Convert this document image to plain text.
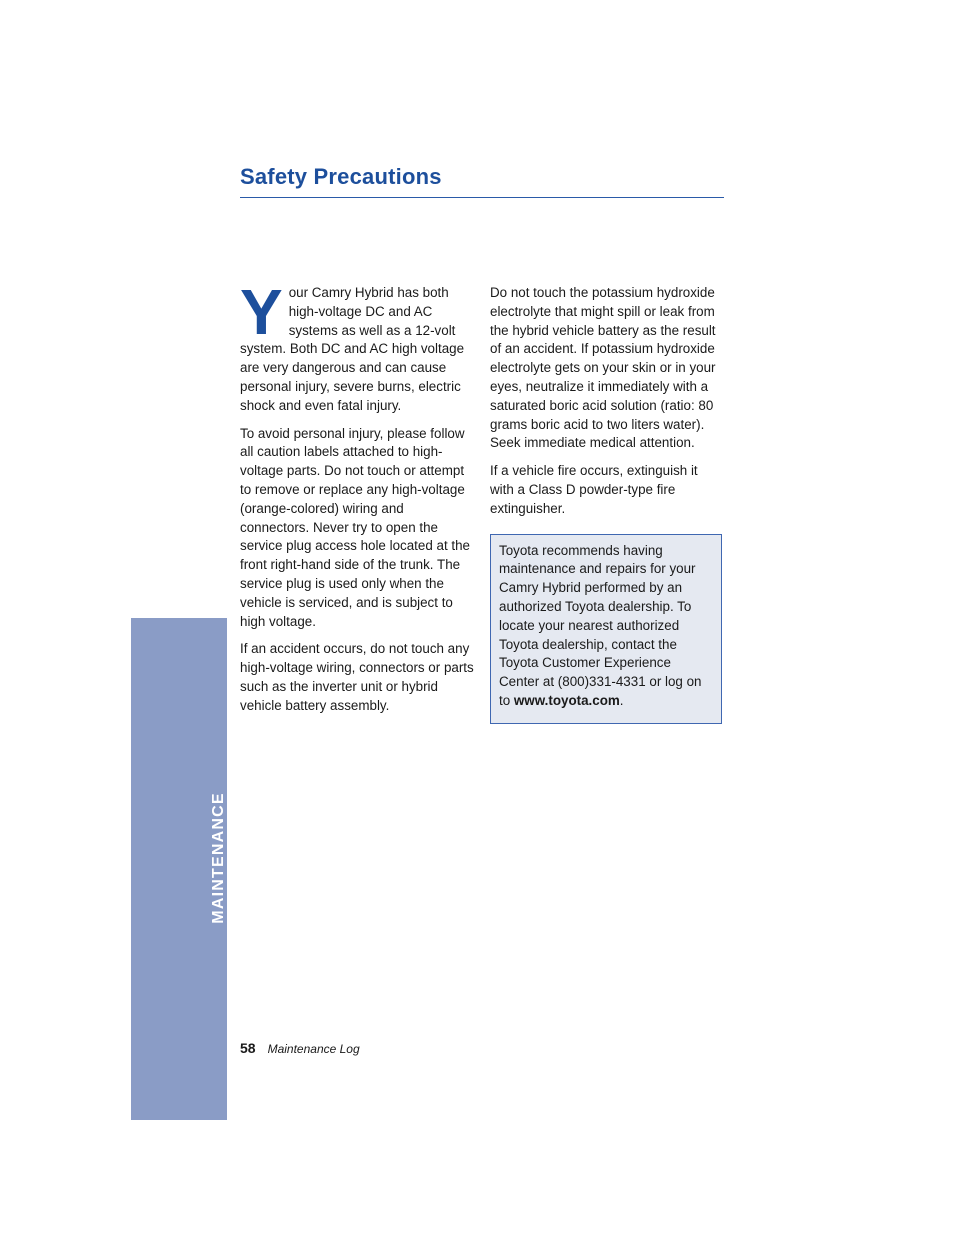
Safety Precautions

Your Camry Hybrid has both high-voltage DC and AC systems as well as a 12-volt system. Both DC and AC high voltage are very dangerous and can cause personal injury, severe burns, electric shock and even fatal injury.

To avoid personal injury, please follow all caution labels attached to high-voltage parts. Do not touch or attempt to remove or replace any high-voltage (orange-colored) wiring and connectors. Never try to open the service plug access hole located at the front right-hand side of the trunk. The service plug is used only when the vehicle is serviced, and is subject to high voltage.

If an accident occurs, do not touch any high-voltage wiring, connectors or parts such as the inverter unit or hybrid vehicle battery assembly.

Do not touch the potassium hydroxide electrolyte that might spill or leak from the hybrid vehicle battery as the result of an accident. If potassium hydroxide electrolyte gets on your skin or in your eyes, neutralize it immediately with a saturated boric acid solution (ratio: 80 grams boric acid to two liters water). Seek immediate medical attention.

If a vehicle fire occurs, extinguish it with a Class D powder-type fire extinguisher.

Toyota recommends having maintenance and repairs for your Camry Hybrid performed by an authorized Toyota dealership. To locate your nearest authorized Toyota dealership, contact the Toyota Customer Experience Center at (800)331-4331 or log on to www.toyota.com.
MAINTENANCE
58 Maintenance Log
